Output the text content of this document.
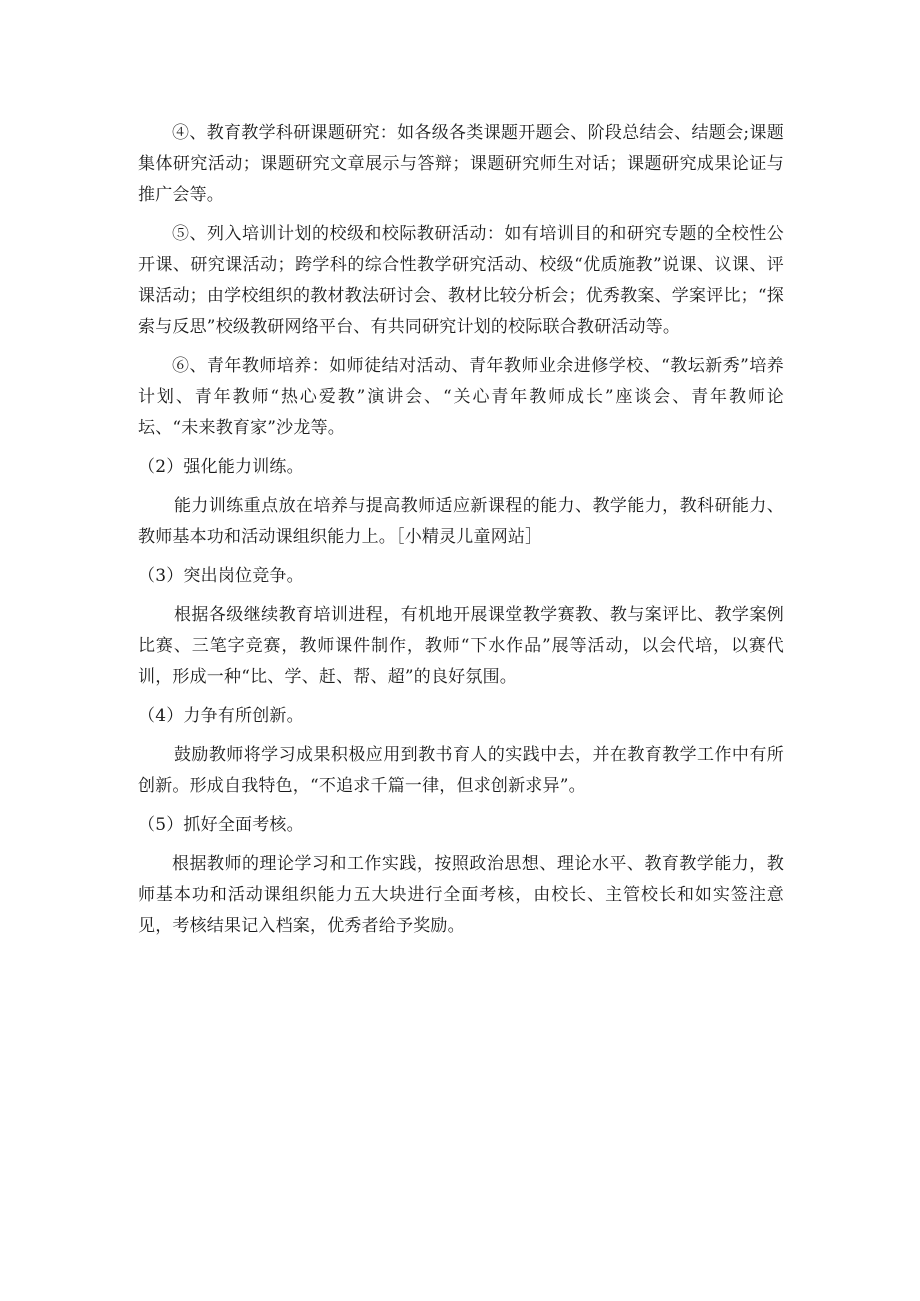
④、教育教学科研课题研究：如各级各类课题开题会、阶段总结会、结题会;课题集体研究活动；课题研究文章展示与答辩；课题研究师生对话；课题研究成果论证与推广会等。

⑤、列入培训计划的校级和校际教研活动：如有培训目的和研究专题的全校性公开课、研究课活动；跨学科的综合性教学研究活动、校级“优质施教”说课、议课、评课活动；由学校组织的教材教法研讨会、教材比较分析会；优秀教案、学案评比；“探索与反思”校级教研网络平台、有共同研究计划的校际联合教研活动等。

⑥、青年教师培养：如师徒结对活动、青年教师业余进修学校、“教坛新秀”培养计划、青年教师“热心爱教”演讲会、“关心青年教师成长”座谈会、青年教师论坛、“未来教育家”沙龙等。

（2）强化能力训练。

能力训练重点放在培养与提高教师适应新课程的能力、教学能力，教科研能力、教师基本功和活动课组织能力上。［小精灵儿童网站］

（3）突出岗位竞争。

根据各级继续教育培训进程，有机地开展课堂教学赛教、教与案评比、教学案例比赛、三笔字竞赛，教师课件制作，教师“下水作品”展等活动，以会代培，以赛代训，形成一种“比、学、赶、帮、超”的良好氛围。

（4）力争有所创新。

鼓励教师将学习成果积极应用到教书育人的实践中去，并在教育教学工作中有所创新。形成自我特色，“不追求千篇一律，但求创新求异”。

（5）抓好全面考核。

根据教师的理论学习和工作实践，按照政治思想、理论水平、教育教学能力，教师基本功和活动课组织能力五大块进行全面考核，由校长、主管校长和如实签注意见，考核结果记入档案，优秀者给予奖励。
